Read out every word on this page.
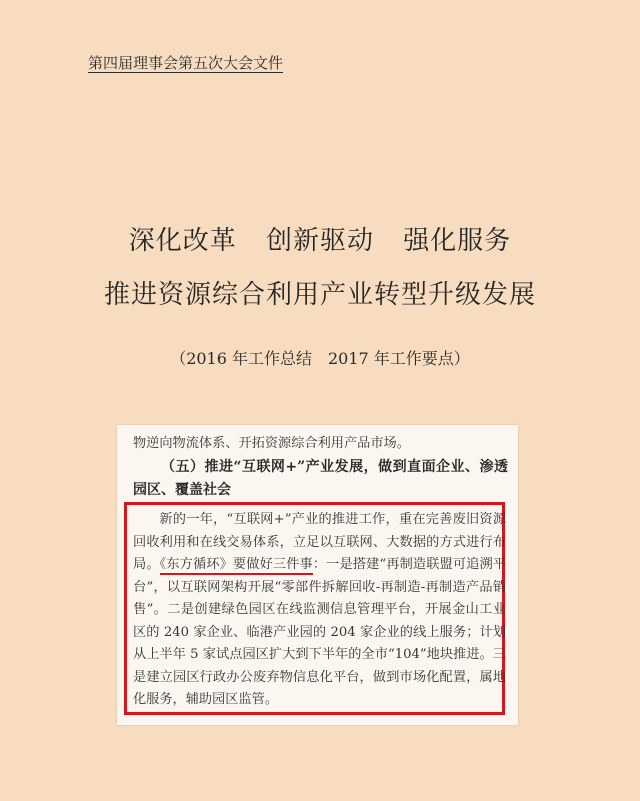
第四届理事会第五次大会文件
深化改革 创新驱动 强化服务
推进资源综合利用产业转型升级发展
（2016 年工作总结　2017 年工作要点）

物逆向物流体系、开拓资源综合利用产品市场。

（五）推进“互联网+”产业发展，做到直面企业、渗透园区、覆盖社会

新的一年，“互联网+”产业的推进工作，重在完善废旧资源回收利用和在线交易体系，立足以互联网、大数据的方式进行布局。《东方循环》要做好三件事：一是搭建“再制造联盟可追溯平台”，以互联网架构开展“零部件拆解回收-再制造-再制造产品销售”。二是创建绿色园区在线监测信息管理平台，开展金山工业区的 240 家企业、临港产业园的 204 家企业的线上服务；计划从上半年 5 家试点园区扩大到下半年的全市“104”地块推进。三是建立园区行政办公废弃物信息化平台，做到市场化配置，属地化服务，辅助园区监管。
